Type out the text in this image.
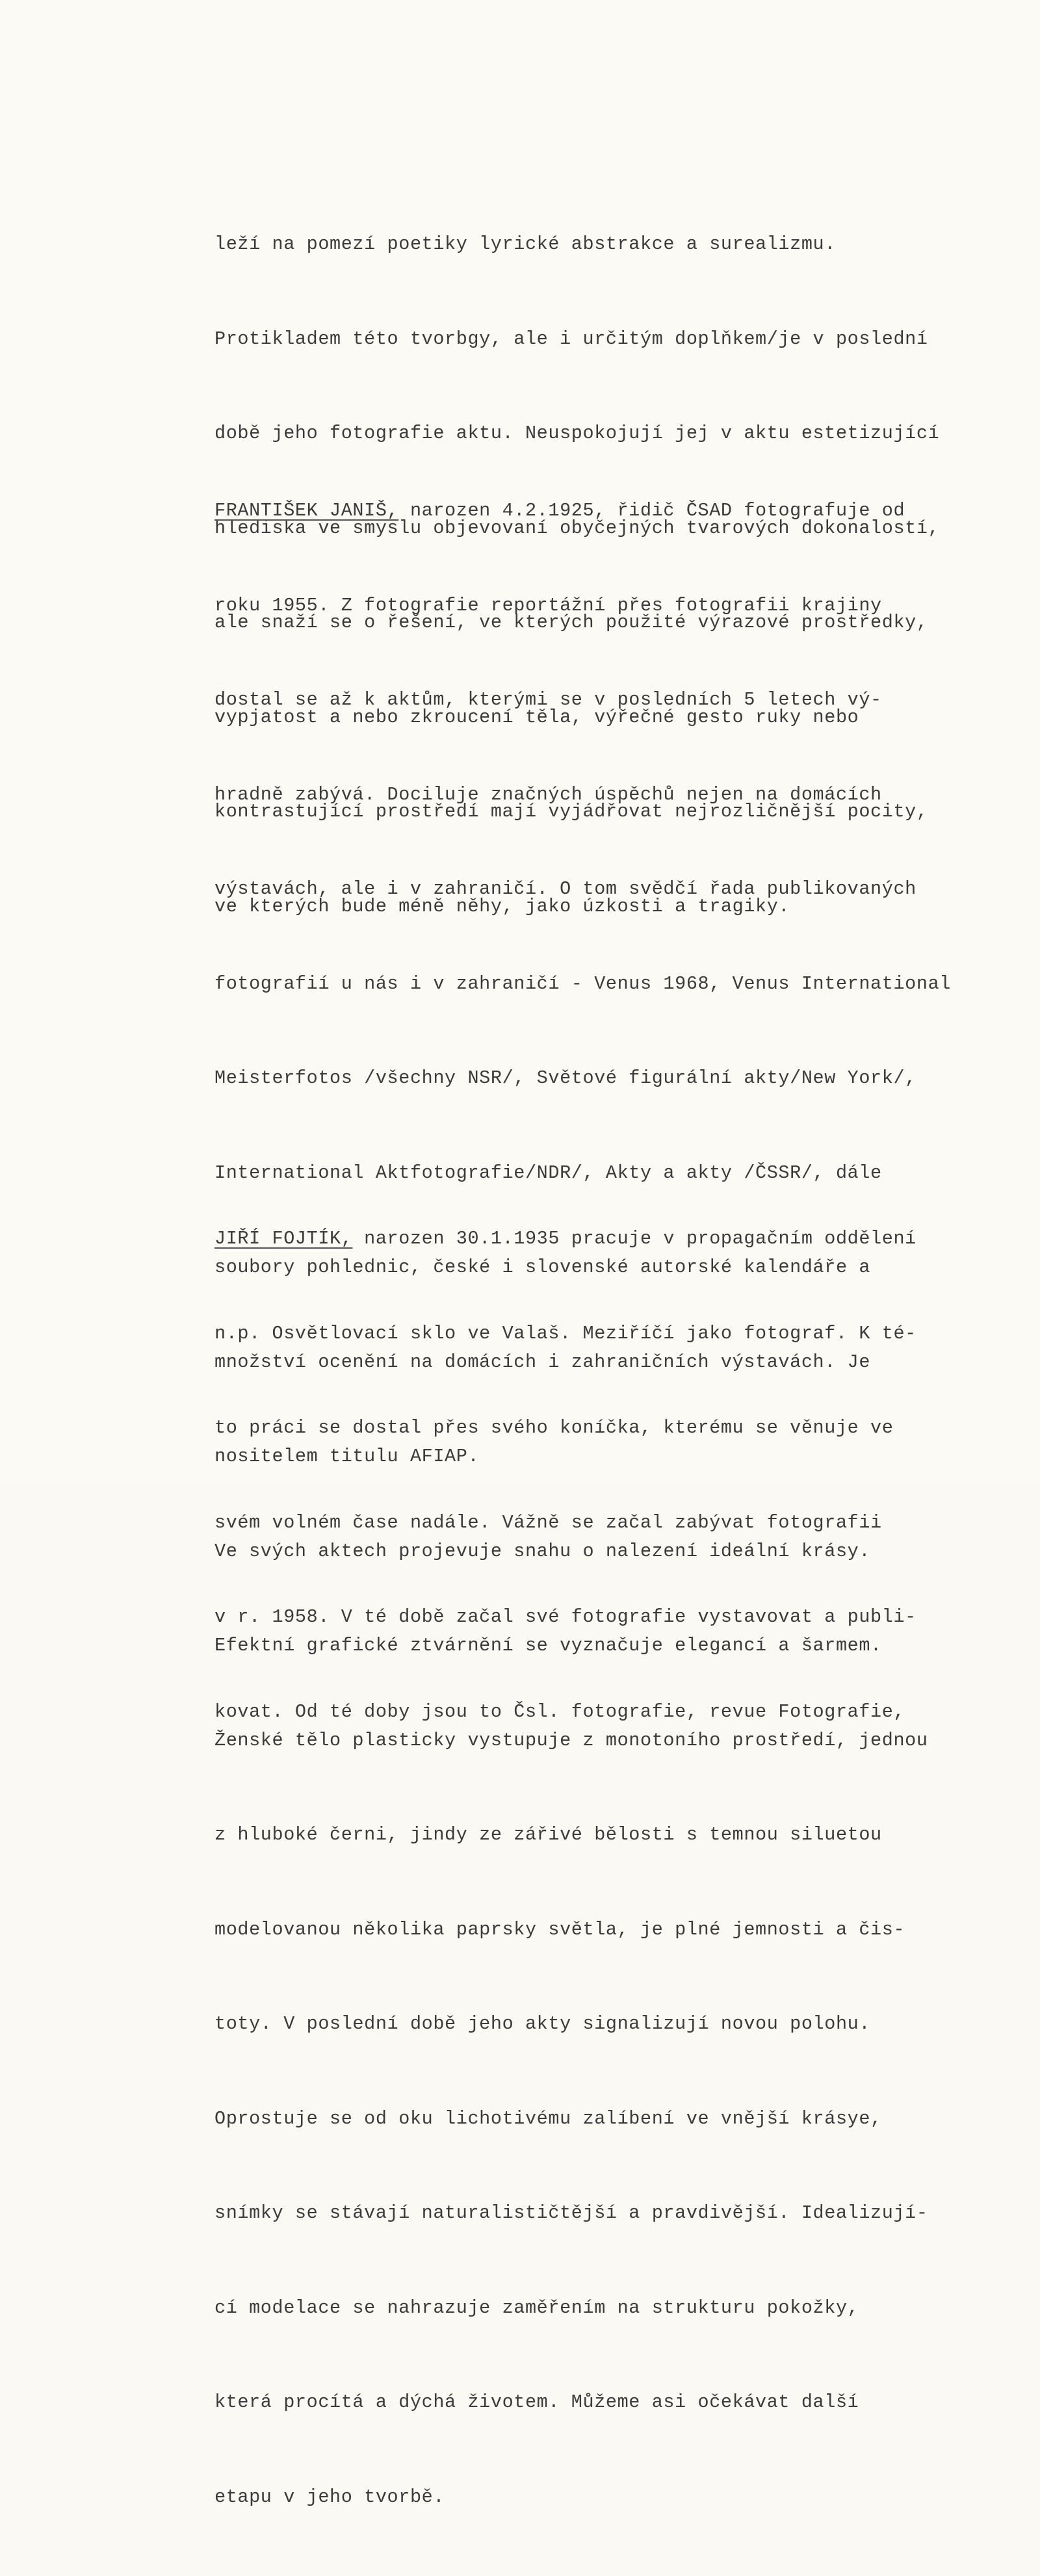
leží na pomezí poetiky lyrické abstrakce a surealizmu.

Protikladem této tvorbgy, ale i určitým doplňkem/je v poslední

době jeho fotografie aktu. Neuspokojují jej v aktu estetizující

hlediska ve smyslu objevovaní obyčejných tvarových dokonalostí,

ale snaží se o řešení, ve kterých použité výrazové prostředky,

vypjatost a nebo zkroucení těla, výřečné gesto ruky nebo

kontrastující prostředí mají vyjádřovat nejrozličnější pocity,

ve kterých bude méně něhy, jako úzkosti a tragiky.

FRANTIŠEK JANIŠ, narozen 4.2.1925, řidič ČSAD fotografuje od

roku 1955. Z fotografie reportážní přes fotografii krajiny

dostal se až k aktům, kterými se v posledních 5 letech vý-

hradně zabývá. Dociluje značných úspěchů nejen na domácích

výstavách, ale i v zahraničí. O tom svědčí řada publikovaných

fotografií u nás i v zahraničí - Venus 1968, Venus International

Meisterfotos /všechny NSR/, Světové figurální akty/New York/,

International Aktfotografie/NDR/, Akty a akty /ČSSR/, dále

soubory pohlednic, české i slovenské autorské kalendáře a

množství ocenění na domácích i zahraničních výstavách. Je

nositelem titulu AFIAP.

Ve svých aktech projevuje snahu o nalezení ideální krásy.

Efektní grafické ztvárnění se vyznačuje elegancí a šarmem.

Ženské tělo plasticky vystupuje z monotoního prostředí, jednou

z hluboké černi, jindy ze zářivé bělosti s temnou siluetou

modelovanou několika paprsky světla, je plné jemnosti a čis-

toty. V poslední době jeho akty signalizují novou polohu.

Oprostuje se od oku lichotivému zalíbení ve vnější krásye,

snímky se stávají naturalističtější a pravdivější. Idealizují-

cí modelace se nahrazuje zaměřením na strukturu pokožky,

která procítá a dýchá životem. Můžeme asi očekávat další

etapu v jeho tvorbě.

JIŘÍ FOJTÍK, narozen 30.1.1935 pracuje v propagačním oddělení

n.p. Osvětlovací sklo ve Valaš. Meziříčí jako fotograf. K té-

to práci se dostal přes svého koníčka, kterému se věnuje ve

svém volném čase nadále. Vážně se začal zabývat fotografii

v r. 1958. V té době začal své fotografie vystavovat a publi-

kovat. Od té doby jsou to Čsl. fotografie, revue Fotografie,
